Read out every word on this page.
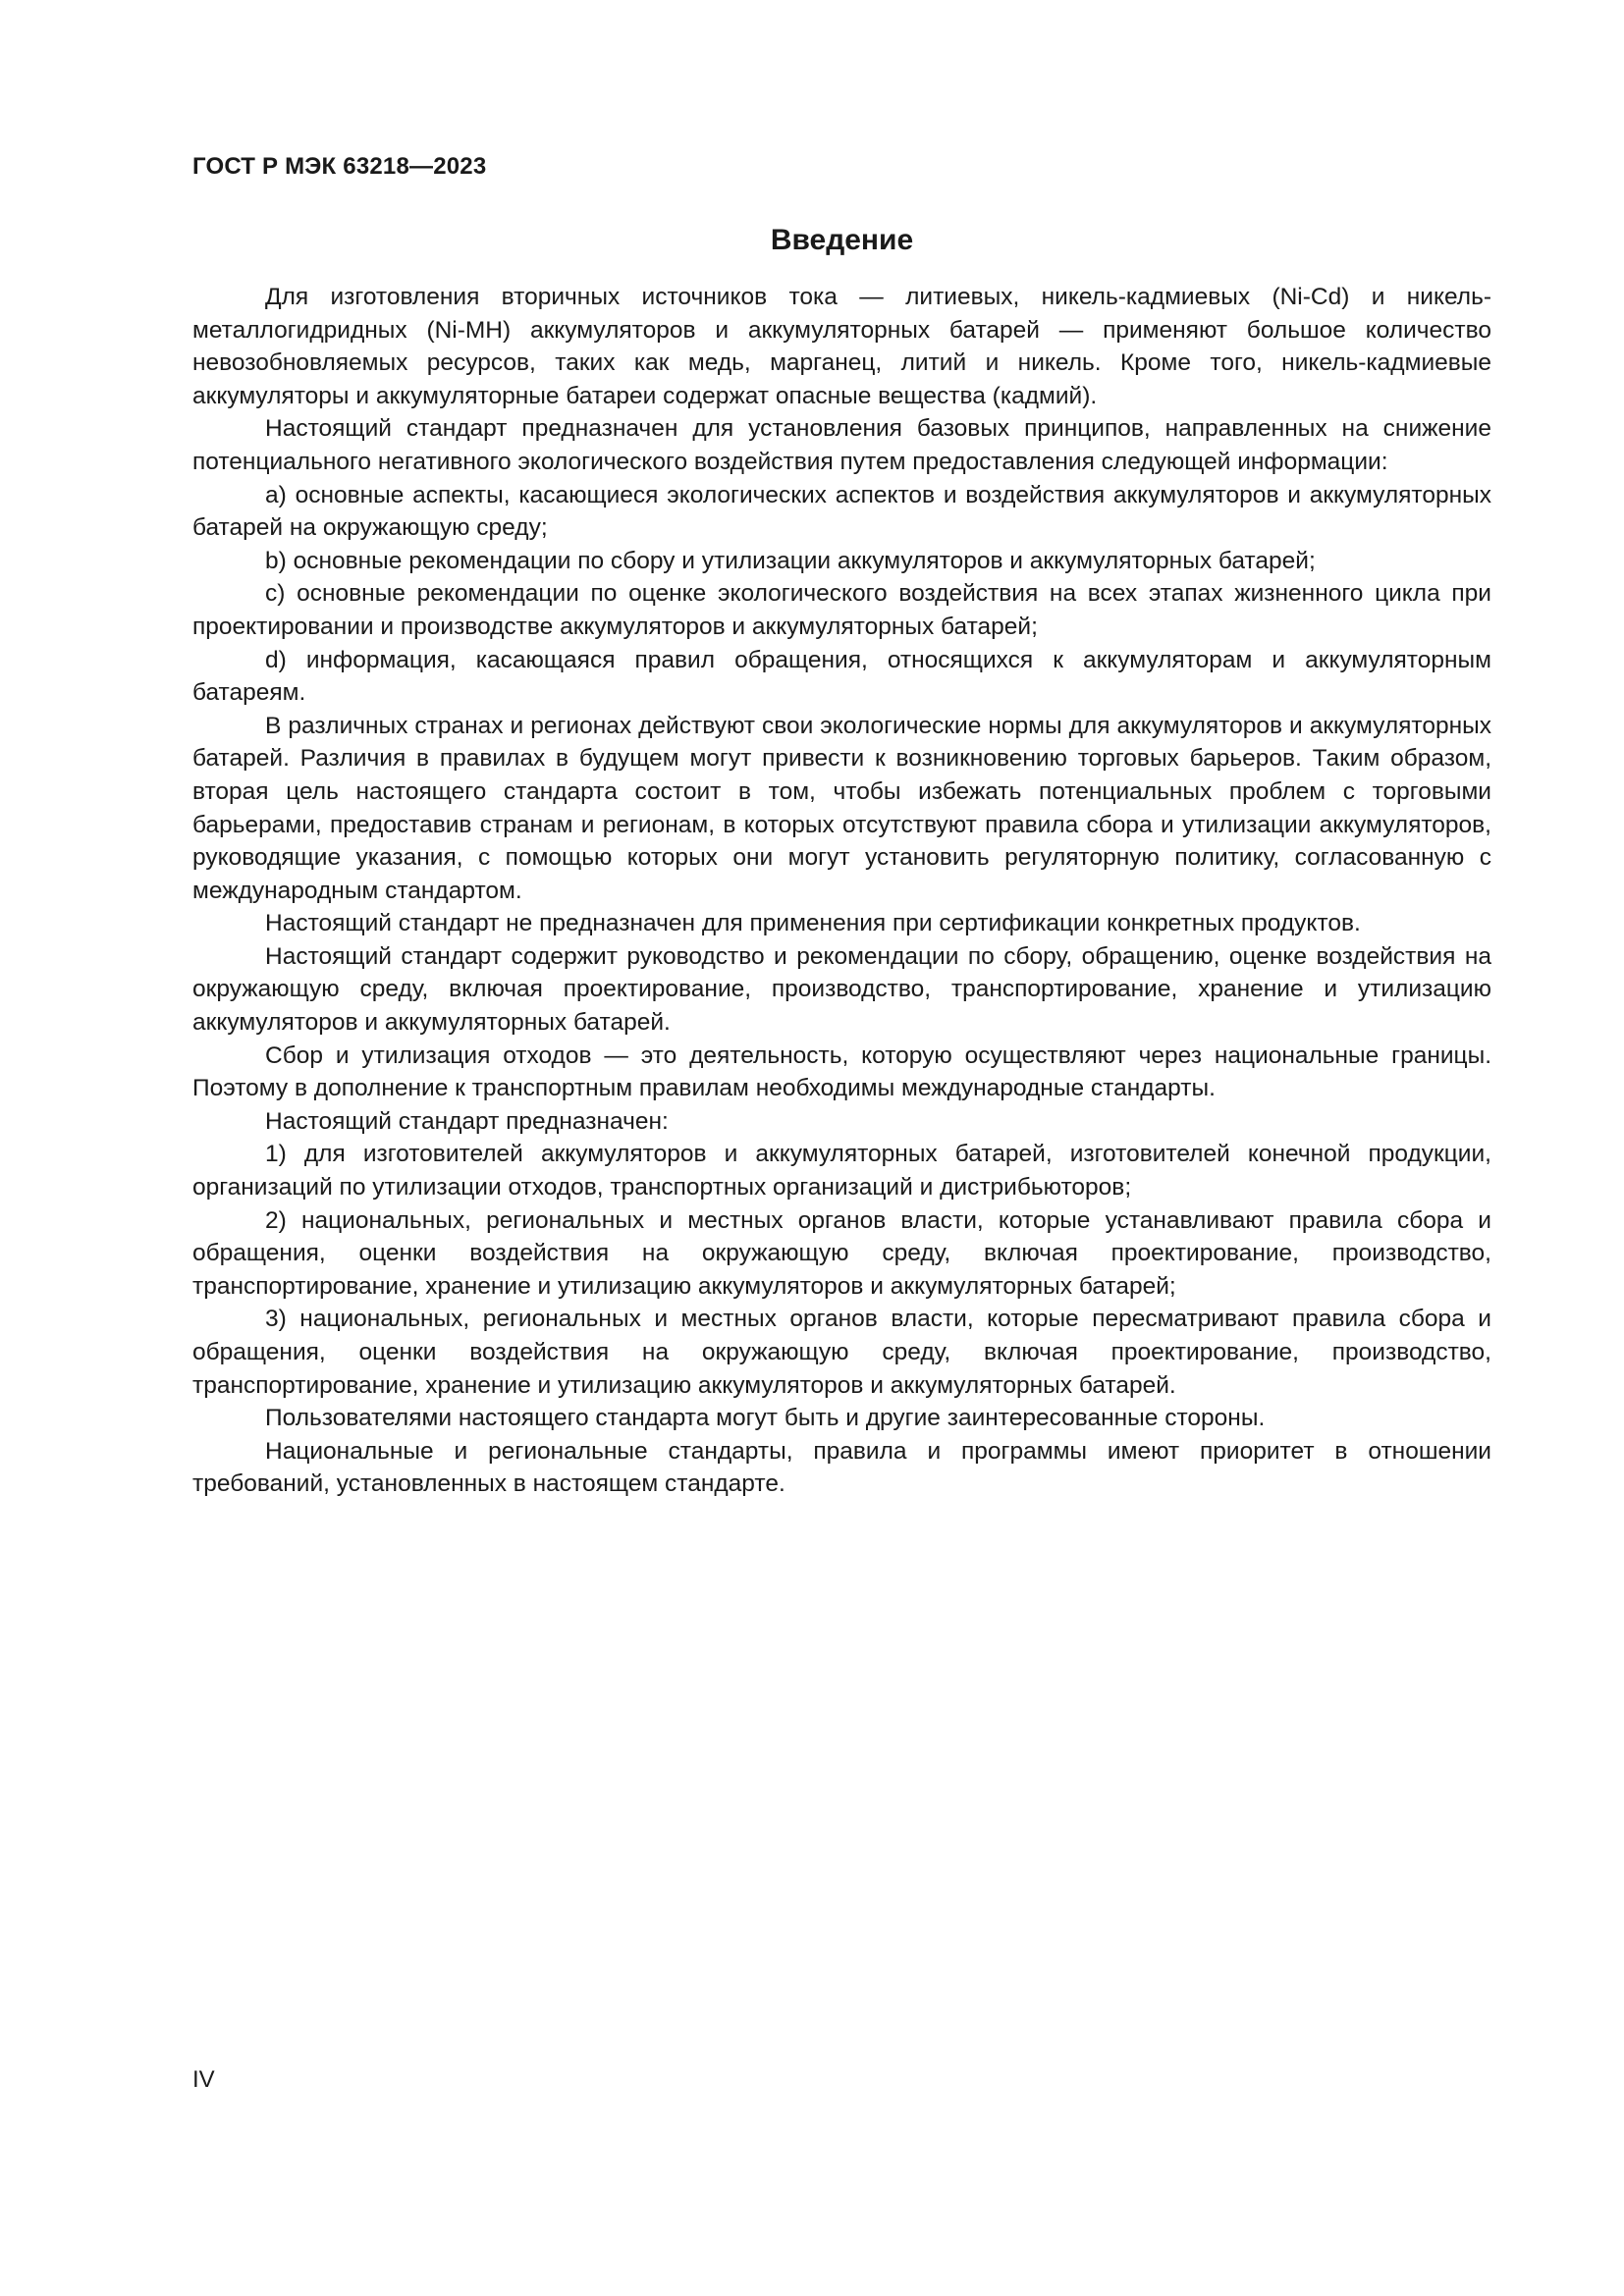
ГОСТ Р МЭК 63218—2023
Введение

Для изготовления вторичных источников тока — литиевых, никель-кадмиевых (Ni-Cd) и никель-металлогидридных (Ni-MH) аккумуляторов и аккумуляторных батарей — применяют большое количество невозобновляемых ресурсов, таких как медь, марганец, литий и никель. Кроме того, никель-кадмиевые аккумуляторы и аккумуляторные батареи содержат опасные вещества (кадмий).

Настоящий стандарт предназначен для установления базовых принципов, направленных на снижение потенциального негативного экологического воздействия путем предоставления следующей информации:

a) основные аспекты, касающиеся экологических аспектов и воздействия аккумуляторов и аккумуляторных батарей на окружающую среду;

b) основные рекомендации по сбору и утилизации аккумуляторов и аккумуляторных батарей;

c) основные рекомендации по оценке экологического воздействия на всех этапах жизненного цикла при проектировании и производстве аккумуляторов и аккумуляторных батарей;

d) информация, касающаяся правил обращения, относящихся к аккумуляторам и аккумуляторным батареям.

В различных странах и регионах действуют свои экологические нормы для аккумуляторов и аккумуляторных батарей. Различия в правилах в будущем могут привести к возникновению торговых барьеров. Таким образом, вторая цель настоящего стандарта состоит в том, чтобы избежать потенциальных проблем с торговыми барьерами, предоставив странам и регионам, в которых отсутствуют правила сбора и утилизации аккумуляторов, руководящие указания, с помощью которых они могут установить регуляторную политику, согласованную с международным стандартом.

Настоящий стандарт не предназначен для применения при сертификации конкретных продуктов.

Настоящий стандарт содержит руководство и рекомендации по сбору, обращению, оценке воздействия на окружающую среду, включая проектирование, производство, транспортирование, хранение и утилизацию аккумуляторов и аккумуляторных батарей.

Сбор и утилизация отходов — это деятельность, которую осуществляют через национальные границы. Поэтому в дополнение к транспортным правилам необходимы международные стандарты.

Настоящий стандарт предназначен:

1) для изготовителей аккумуляторов и аккумуляторных батарей, изготовителей конечной продукции, организаций по утилизации отходов, транспортных организаций и дистрибьюторов;

2) национальных, региональных и местных органов власти, которые устанавливают правила сбора и обращения, оценки воздействия на окружающую среду, включая проектирование, производство, транспортирование, хранение и утилизацию аккумуляторов и аккумуляторных батарей;

3) национальных, региональных и местных органов власти, которые пересматривают правила сбора и обращения, оценки воздействия на окружающую среду, включая проектирование, производство, транспортирование, хранение и утилизацию аккумуляторов и аккумуляторных батарей.

Пользователями настоящего стандарта могут быть и другие заинтересованные стороны.

Национальные и региональные стандарты, правила и программы имеют приоритет в отношении требований, установленных в настоящем стандарте.

IV
